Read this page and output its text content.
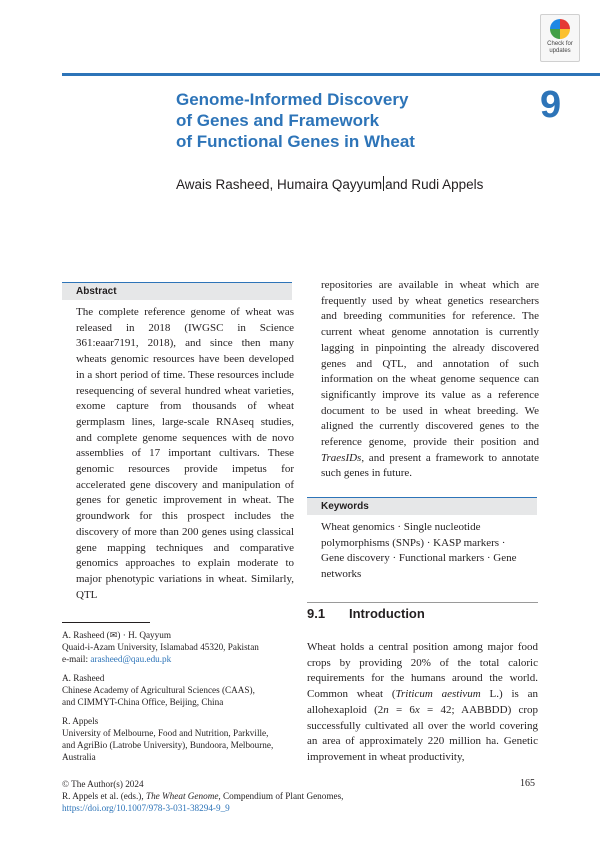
Check for
updates
Genome-Informed Discovery
of Genes and Framework
of Functional Genes in Wheat
9
Awais Rasheed, Humaira Qayyum and Rudi Appels
Abstract

The complete reference genome of wheat was released in 2018 (IWGSC in Science 361:eaar7191, 2018), and since then many wheats genomic resources have been developed in a short period of time. These resources include resequencing of several hundred wheat varieties, exome capture from thousands of wheat germplasm lines, large-scale RNAseq studies, and complete genome sequences with de novo assemblies of 17 important cultivars. These genomic resources provide impetus for accelerated gene discovery and manipulation of genes for genetic improvement in wheat. The groundwork for this prospect includes the discovery of more than 200 genes using classical gene mapping techniques and comparative genomics approaches to explain moderate to major phenotypic variations in wheat. Similarly, QTL

repositories are available in wheat which are frequently used by wheat genetics researchers and breeding communities for reference. The current wheat genome annotation is currently lagging in pinpointing the already discovered genes and QTL, and annotation of such information on the wheat genome sequence can significantly improve its value as a reference document to be used in wheat breeding. We aligned the currently discovered genes to the reference genome, provide their position and TraesIDs, and present a framework to annotate such genes in future.

Keywords
Wheat genomics · Single nucleotide polymorphisms (SNPs) · KASP markers · Gene discovery · Functional markers · Gene networks
9.1 Introduction

Wheat holds a central position among major food crops by providing 20% of the total caloric requirements for the humans around the world. Common wheat (Triticum aestivum L.) is an allohexaploid (2n = 6x = 42; AABBDD) crop successfully cultivated all over the world covering an area of approximately 220 million ha. Genetic improvement in wheat productivity,

A. Rasheed (✉) · H. Qayyum
Quaid-i-Azam University, Islamabad 45320, Pakistan
e-mail: arasheed@qau.edu.pk
A. Rasheed
Chinese Academy of Agricultural Sciences (CAAS),
and CIMMYT-China Office, Beijing, China
R. Appels
University of Melbourne, Food and Nutrition, Parkville,
and AgriBio (Latrobe University), Bundoora, Melbourne,
Australia
© The Author(s) 2024
R. Appels et al. (eds.), The Wheat Genome, Compendium of Plant Genomes,
https://doi.org/10.1007/978-3-031-38294-9_9
165
